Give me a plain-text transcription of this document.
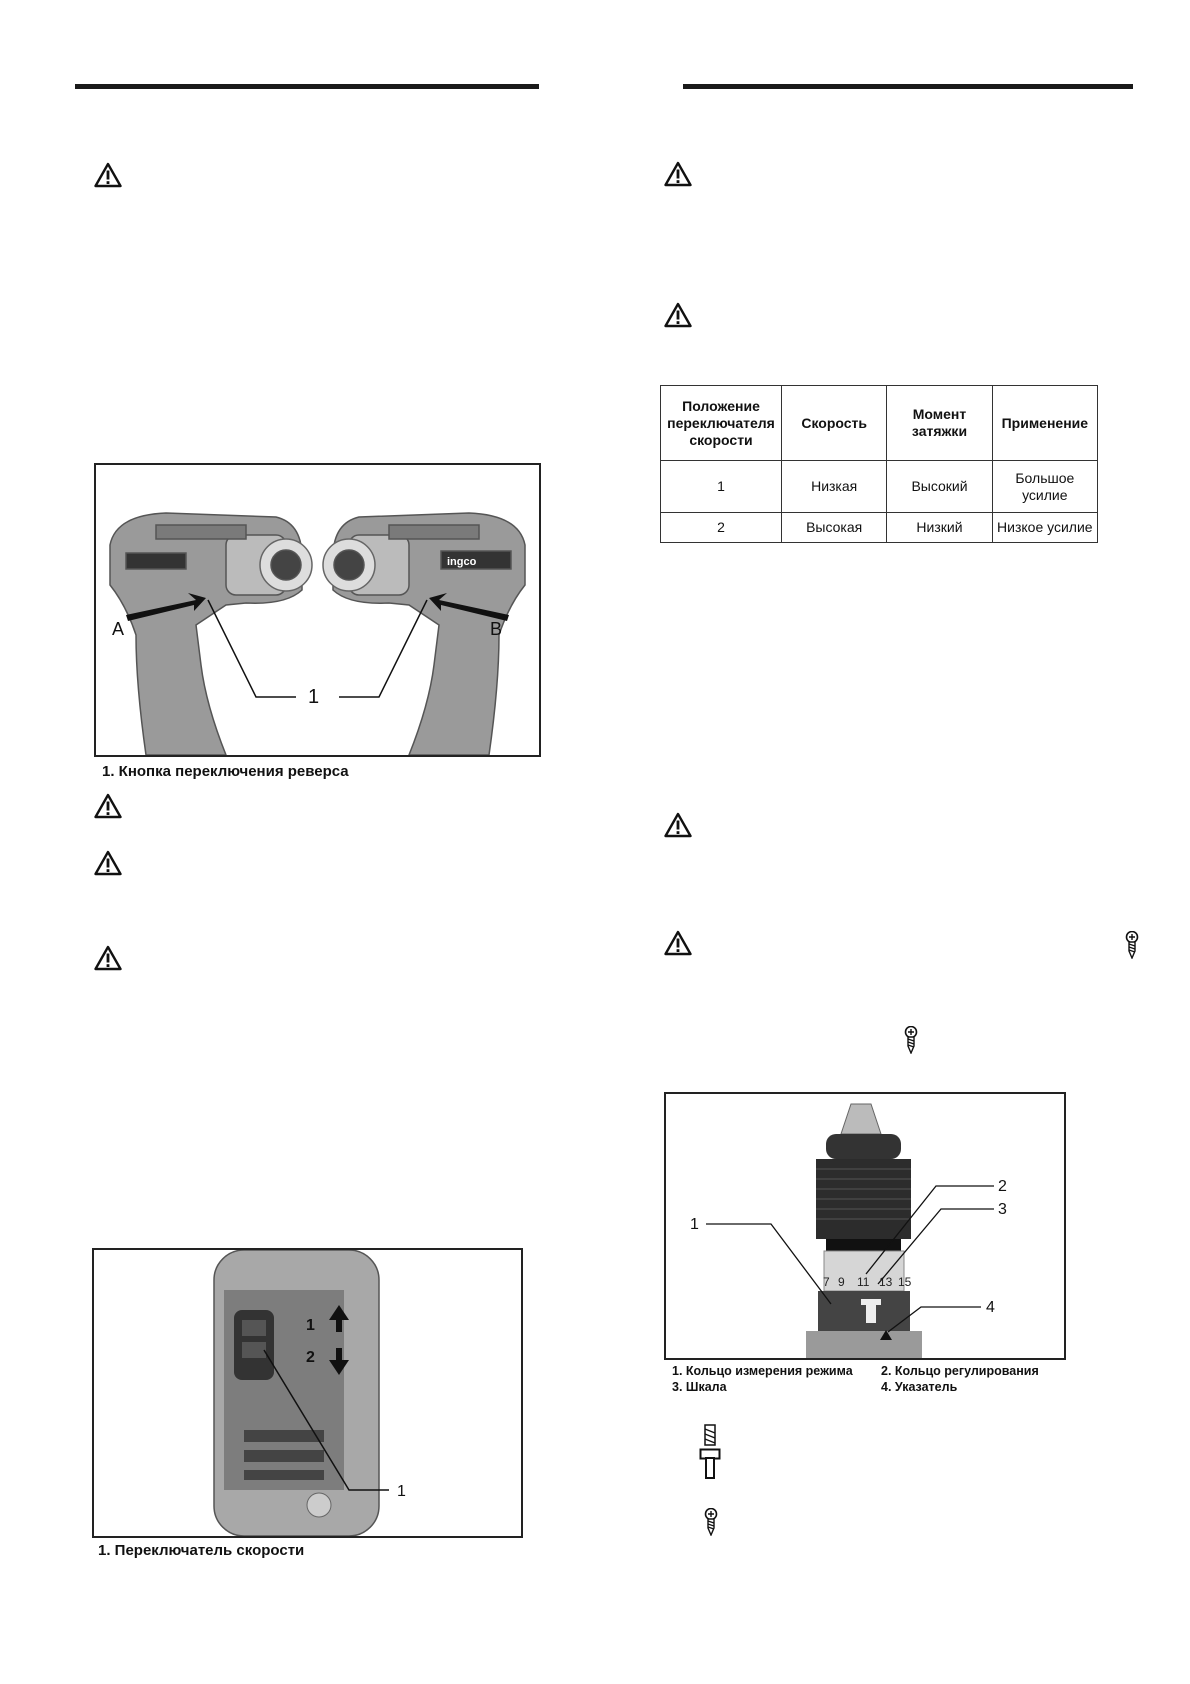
A	B
1
ingco
1. Кнопка переключения реверса
1
2
1
1. Переключатель скорости
Положение переключателя скорости	Скорость	Момент затяжки	Применение
1	Низкая	Высокий	Большое усилие
2	Высокая	Низкий	Низкое усилие
7 9 11 13 15
1
2
3
4
1. Кольцо измерения режима 2. Кольцо регулирования
3. Шкала	4. Указатель
